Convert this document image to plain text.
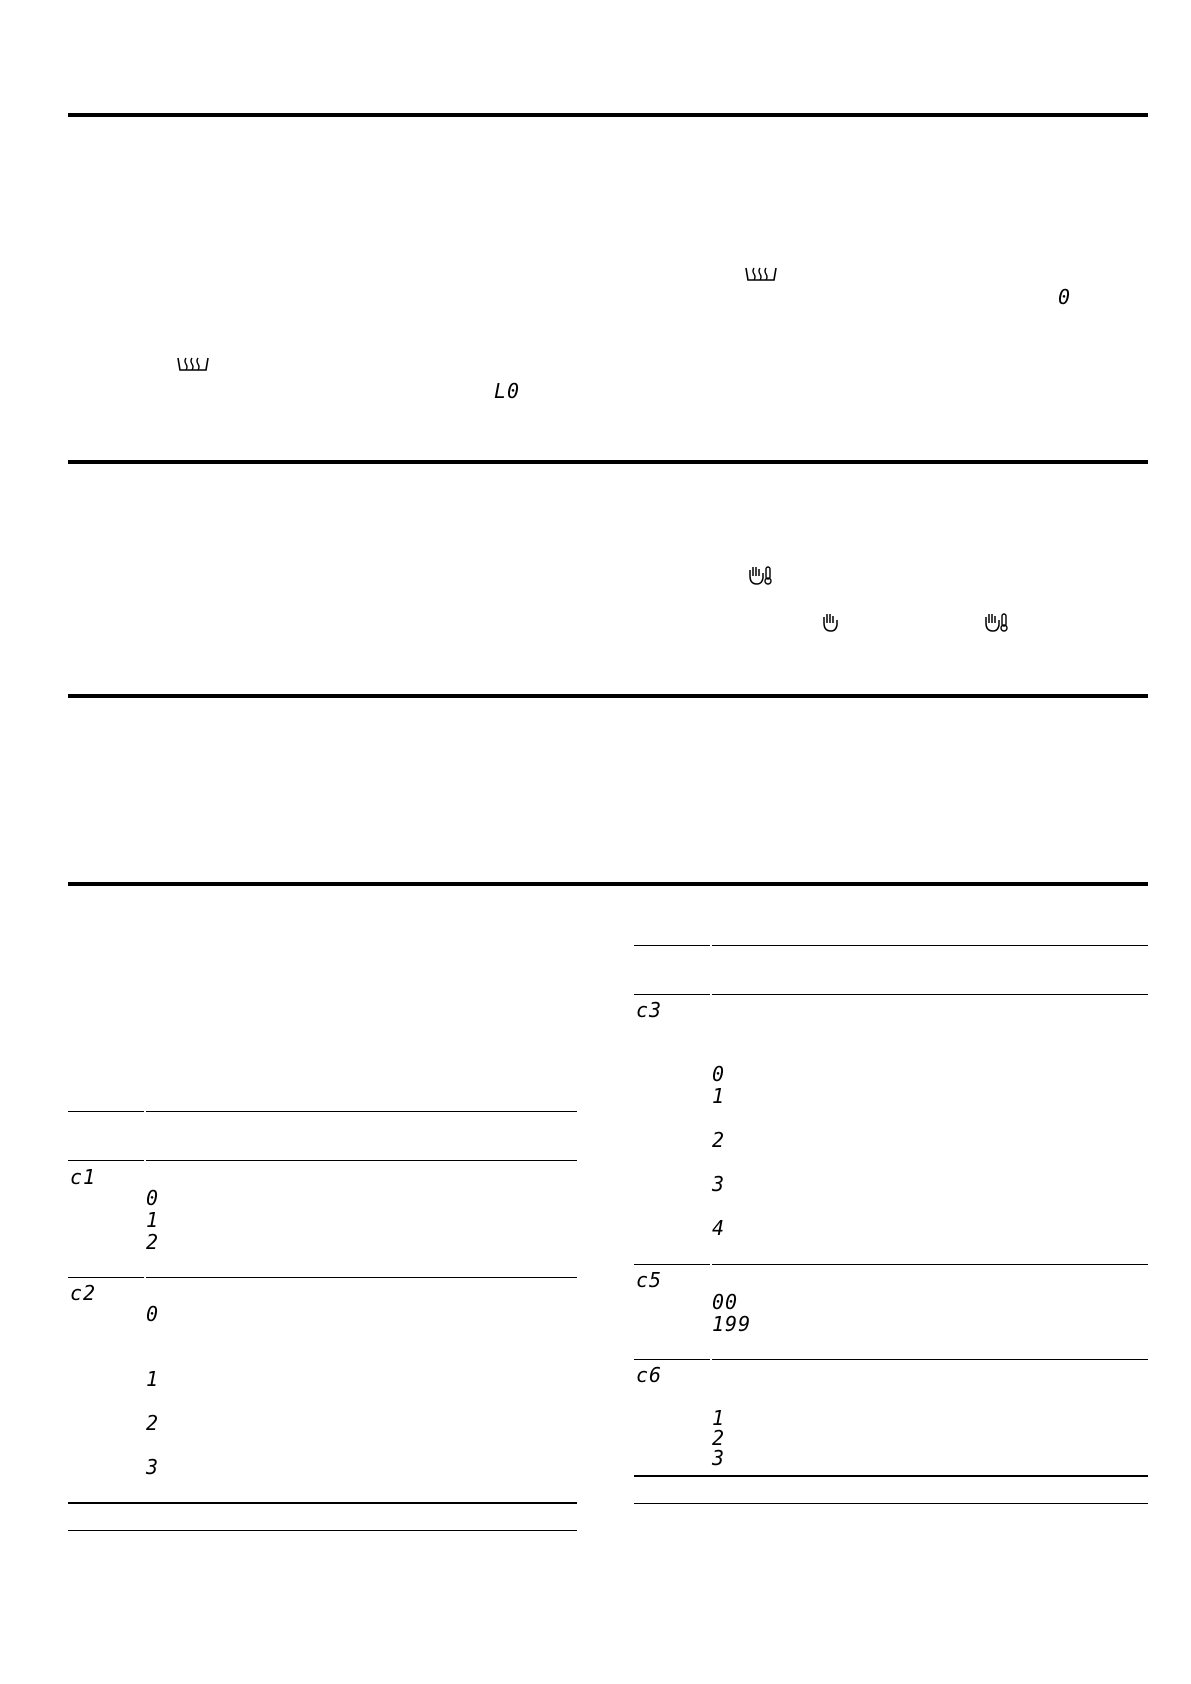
0
L0
c1
0
1
2
c2
0
1
2
3
c3
0
1
2
3
4
c5
00
199
c6
1
2
3
